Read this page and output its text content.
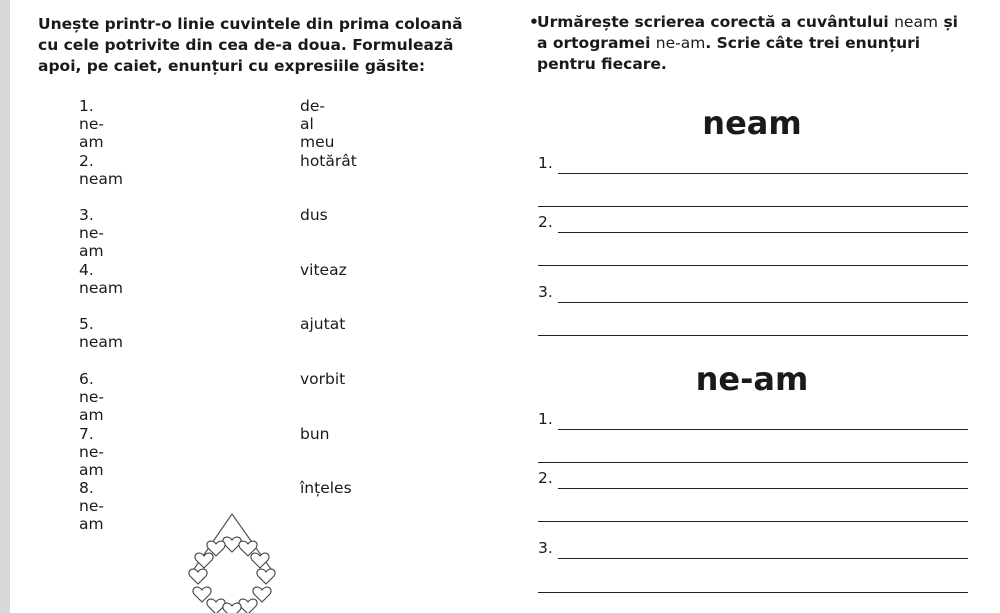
Unește printr-o linie cuvintele din prima coloană cu cele potrivite din cea de-a doua. Formulează apoi, pe caiet, enunțuri cu expresiile găsite:
1. ne-am
de-al meu
2. neam
hotărât
3. ne-am
dus
4. neam
viteaz
5. neam
ajutat
6. ne-am
vorbit
7. ne-am
bun
8. ne-am
înțeles
•
Urmărește scrierea corectă a cuvântului neam și a ortogramei ne-am. Scrie câte trei enunțuri pentru fiecare.
neam
1.
2.
3.
ne-am
1.
2.
3.
